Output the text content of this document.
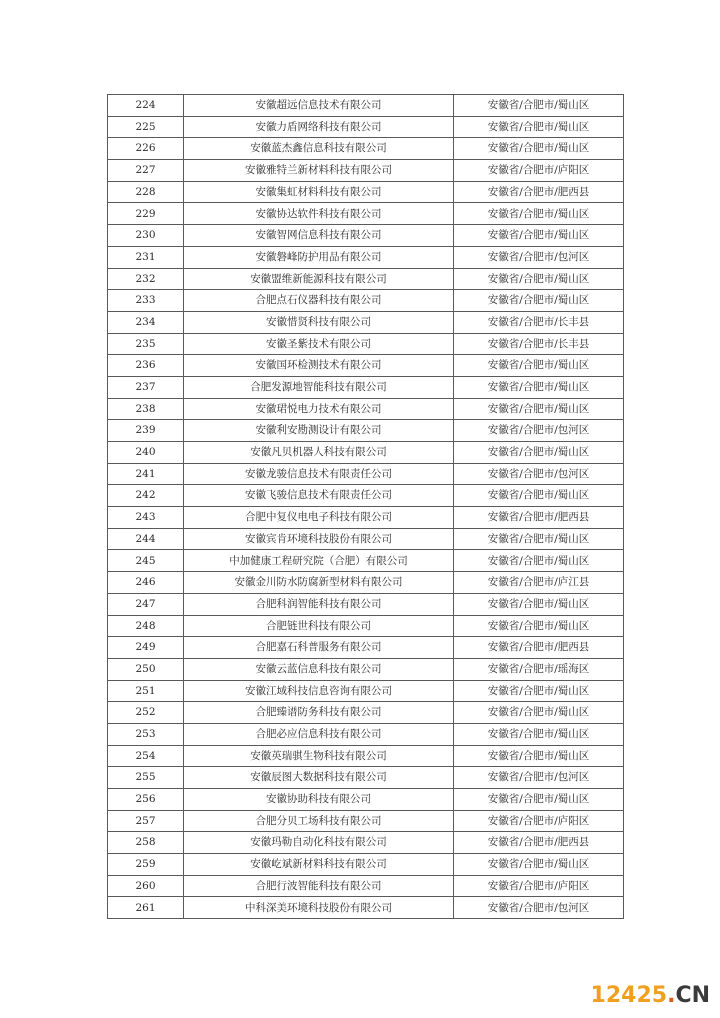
224	安徽超远信息技术有限公司	安徽省/合肥市/蜀山区
225	安徽力盾网络科技有限公司	安徽省/合肥市/蜀山区
226	安徽蓝杰鑫信息科技有限公司	安徽省/合肥市/蜀山区
227	安徽雅特兰新材料科技有限公司	安徽省/合肥市/庐阳区
228	安徽集虹材料科技有限公司	安徽省/合肥市/肥西县
229	安徽协达软件科技有限公司	安徽省/合肥市/蜀山区
230	安徽智网信息科技有限公司	安徽省/合肥市/蜀山区
231	安徽磐峰防护用品有限公司	安徽省/合肥市/包河区
232	安徽盟维新能源科技有限公司	安徽省/合肥市/蜀山区
233	合肥点石仪器科技有限公司	安徽省/合肥市/蜀山区
234	安徽惜贤科技有限公司	安徽省/合肥市/长丰县
235	安徽圣紫技术有限公司	安徽省/合肥市/长丰县
236	安徽国环检测技术有限公司	安徽省/合肥市/蜀山区
237	合肥发源地智能科技有限公司	安徽省/合肥市/蜀山区
238	安徽珺悦电力技术有限公司	安徽省/合肥市/蜀山区
239	安徽利安勘测设计有限公司	安徽省/合肥市/包河区
240	安徽凡贝机器人科技有限公司	安徽省/合肥市/蜀山区
241	安徽龙骏信息技术有限责任公司	安徽省/合肥市/包河区
242	安徽飞骏信息技术有限责任公司	安徽省/合肥市/蜀山区
243	合肥中复仪电电子科技有限公司	安徽省/合肥市/肥西县
244	安徽宾肯环境科技股份有限公司	安徽省/合肥市/蜀山区
245	中加健康工程研究院（合肥）有限公司	安徽省/合肥市/蜀山区
246	安徽金川防水防腐新型材料有限公司	安徽省/合肥市/庐江县
247	合肥科润智能科技有限公司	安徽省/合肥市/蜀山区
248	合肥链世科技有限公司	安徽省/合肥市/蜀山区
249	合肥嘉石科普服务有限公司	安徽省/合肥市/肥西县
250	安徽云蓝信息科技有限公司	安徽省/合肥市/瑶海区
251	安徽江域科技信息咨询有限公司	安徽省/合肥市/蜀山区
252	合肥臻谱防务科技有限公司	安徽省/合肥市/蜀山区
253	合肥必应信息科技有限公司	安徽省/合肥市/蜀山区
254	安徽英瑞骐生物科技有限公司	安徽省/合肥市/蜀山区
255	安徽辰图大数据科技有限公司	安徽省/合肥市/包河区
256	安徽协助科技有限公司	安徽省/合肥市/蜀山区
257	合肥分贝工场科技有限公司	安徽省/合肥市/庐阳区
258	安徽玛勒自动化科技有限公司	安徽省/合肥市/肥西县
259	安徽屹斌新材料科技有限公司	安徽省/合肥市/蜀山区
260	合肥行波智能科技有限公司	安徽省/合肥市/庐阳区
261	中科深美环境科技股份有限公司	安徽省/合肥市/包河区
12425.CN
